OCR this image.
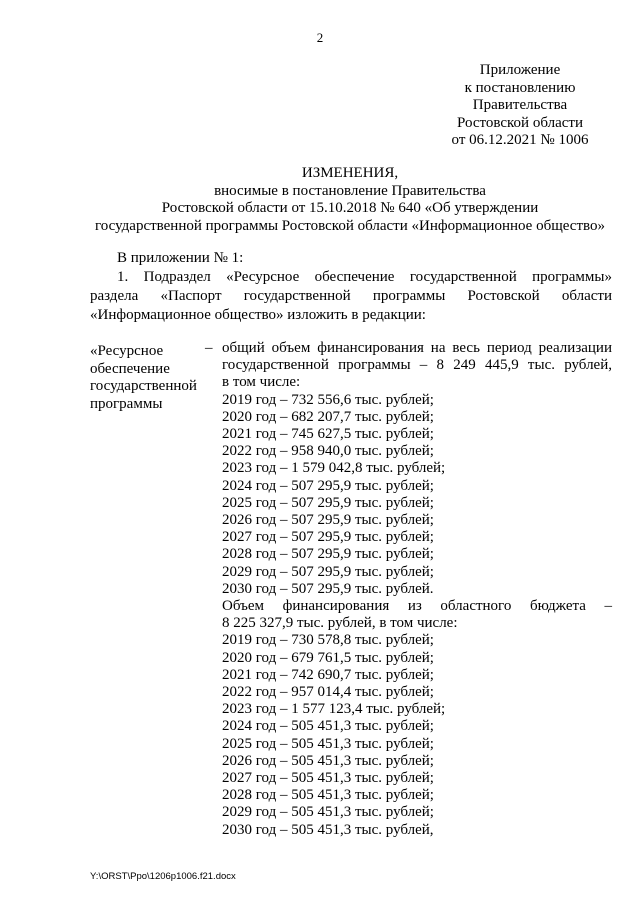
2
Приложение
к постановлению
Правительства
Ростовской области
от 06.12.2021 № 1006
ИЗМЕНЕНИЯ,
вносимые в постановление Правительства
Ростовской области от 15.10.2018 № 640 «Об утверждении
государственной программы Ростовской области «Информационное общество»
В приложении № 1:
1. Подраздел «Ресурсное обеспечение государственной программы»
раздела «Паспорт государственной программы Ростовской области
«Информационное общество» изложить в редакции:
«Ресурсное
обеспечение
государственной
программы
– общий объем финансирования на весь период реализации
государственной программы – 8 249 445,9 тыс. рублей,
в том числе:
2019 год – 732 556,6 тыс. рублей;
2020 год – 682 207,7 тыс. рублей;
2021 год – 745 627,5 тыс. рублей;
2022 год – 958 940,0 тыс. рублей;
2023 год – 1 579 042,8 тыс. рублей;
2024 год – 507 295,9 тыс. рублей;
2025 год – 507 295,9 тыс. рублей;
2026 год – 507 295,9 тыс. рублей;
2027 год – 507 295,9 тыс. рублей;
2028 год – 507 295,9 тыс. рублей;
2029 год – 507 295,9 тыс. рублей;
2030 год – 507 295,9 тыс. рублей.
Объем финансирования из областного бюджета –
8 225 327,9 тыс. рублей, в том числе:
2019 год – 730 578,8 тыс. рублей;
2020 год – 679 761,5 тыс. рублей;
2021 год – 742 690,7 тыс. рублей;
2022 год – 957 014,4 тыс. рублей;
2023 год – 1 577 123,4 тыс. рублей;
2024 год – 505 451,3 тыс. рублей;
2025 год – 505 451,3 тыс. рублей;
2026 год – 505 451,3 тыс. рублей;
2027 год – 505 451,3 тыс. рублей;
2028 год – 505 451,3 тыс. рублей;
2029 год – 505 451,3 тыс. рублей;
2030 год – 505 451,3 тыс. рублей,
Y:\ORST\Ppo\1206p1006.f21.docx
